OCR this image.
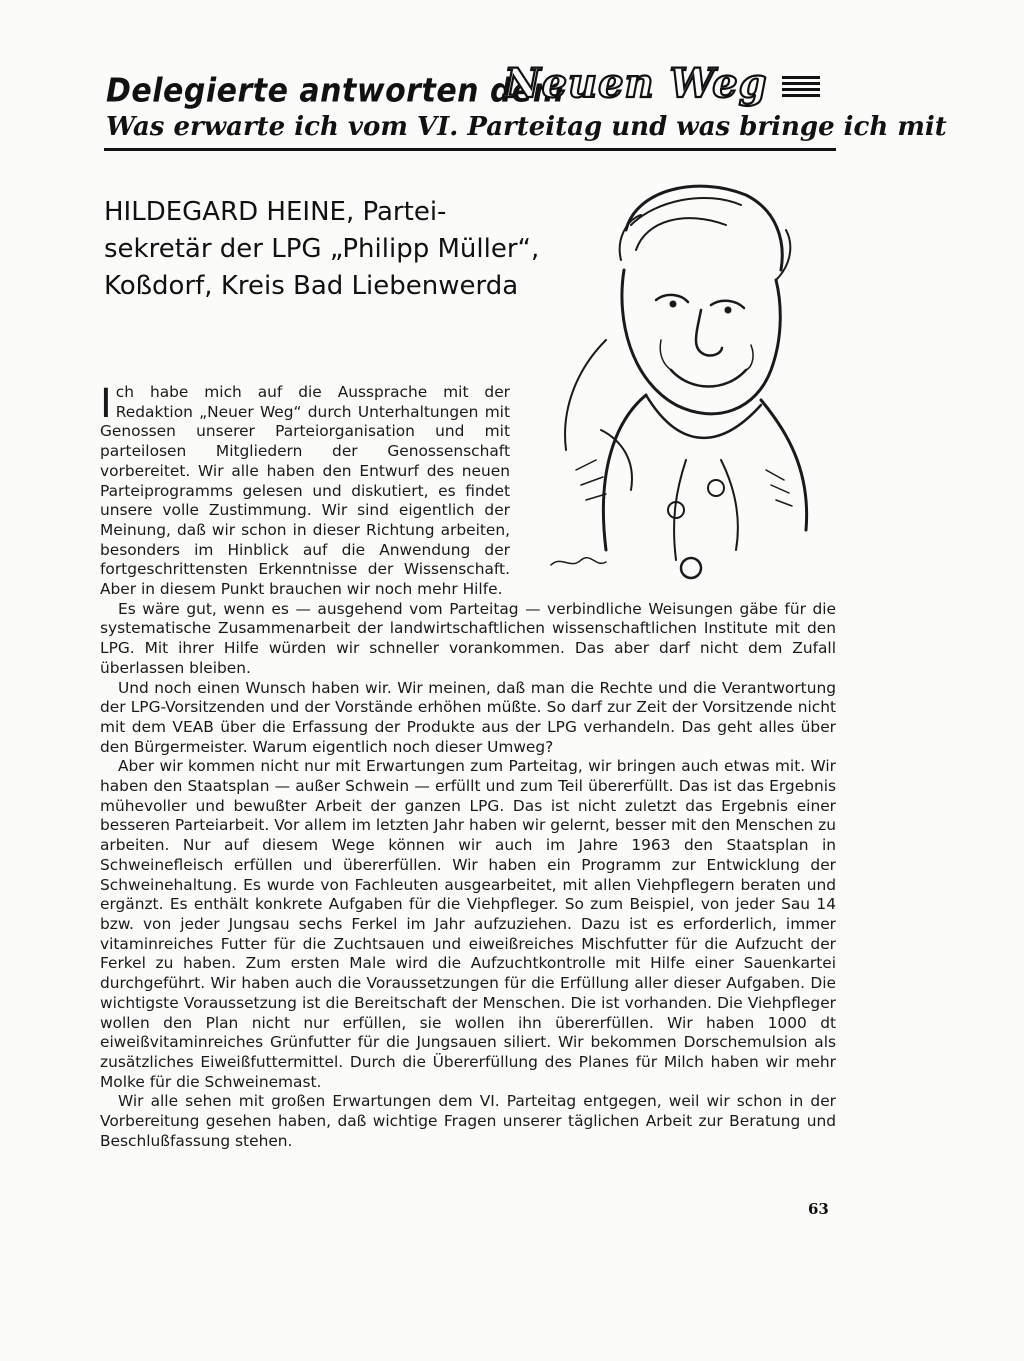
Delegierte antworten dem
Neuen Weg
Was erwarte ich vom VI. Parteitag und was bringe ich mit
HILDEGARD HEINE, Partei-sekretär der LPG „Philipp Müller“, Koßdorf, Kreis Bad Liebenwerda

I ch habe mich auf die Aussprache mit der Redaktion „Neuer Weg“ durch Unterhaltungen mit Genossen unserer Parteiorganisation und mit parteilosen Mitgliedern der Genossenschaft vorbereitet. Wir alle haben den Entwurf des neuen Parteiprogramms gelesen und diskutiert, es findet unsere volle Zustimmung. Wir sind eigentlich der Meinung, daß wir schon in dieser Richtung arbeiten, besonders im Hinblick auf die Anwendung der fortgeschrittensten Erkenntnisse der Wissenschaft. Aber in diesem Punkt brauchen wir noch mehr Hilfe.

Es wäre gut, wenn es — ausgehend vom Parteitag — verbindliche Weisungen gäbe für die systematische Zusammenarbeit der landwirtschaftlichen wissenschaftlichen Institute mit den LPG. Mit ihrer Hilfe würden wir schneller vorankommen. Das aber darf nicht dem Zufall überlassen bleiben.

Und noch einen Wunsch haben wir. Wir meinen, daß man die Rechte und die Verantwortung der LPG-Vorsitzenden und der Vorstände erhöhen müßte. So darf zur Zeit der Vorsitzende nicht mit dem VEAB über die Erfassung der Produkte aus der LPG verhandeln. Das geht alles über den Bürgermeister. Warum eigentlich noch dieser Umweg?

Aber wir kommen nicht nur mit Erwartungen zum Parteitag, wir bringen auch etwas mit. Wir haben den Staatsplan — außer Schwein — erfüllt und zum Teil übererfüllt. Das ist das Ergebnis mühevoller und bewußter Arbeit der ganzen LPG. Das ist nicht zuletzt das Ergebnis einer besseren Parteiarbeit. Vor allem im letzten Jahr haben wir gelernt, besser mit den Menschen zu arbeiten. Nur auf diesem Wege können wir auch im Jahre 1963 den Staatsplan in Schweinefleisch erfüllen und übererfüllen. Wir haben ein Programm zur Entwicklung der Schweinehaltung. Es wurde von Fachleuten ausgearbeitet, mit allen Viehpflegern beraten und ergänzt. Es enthält konkrete Aufgaben für die Viehpfleger. So zum Beispiel, von jeder Sau 14 bzw. von jeder Jungsau sechs Ferkel im Jahr aufzuziehen. Dazu ist es erforderlich, immer vitaminreiches Futter für die Zuchtsauen und eiweißreiches Mischfutter für die Aufzucht der Ferkel zu haben. Zum ersten Male wird die Aufzuchtkontrolle mit Hilfe einer Sauenkartei durchgeführt. Wir haben auch die Voraussetzungen für die Erfüllung aller dieser Aufgaben. Die wichtigste Voraussetzung ist die Bereitschaft der Menschen. Die ist vorhanden. Die Viehpfleger wollen den Plan nicht nur erfüllen, sie wollen ihn übererfüllen. Wir haben 1000 dt eiweißvitaminreiches Grünfutter für die Jungsauen siliert. Wir bekommen Dorschemulsion als zusätzliches Eiweißfuttermittel. Durch die Übererfüllung des Planes für Milch haben wir mehr Molke für die Schweinemast.

Wir alle sehen mit großen Erwartungen dem VI. Parteitag entgegen, weil wir schon in der Vorbereitung gesehen haben, daß wichtige Fragen unserer täglichen Arbeit zur Beratung und Beschlußfassung stehen.

63
